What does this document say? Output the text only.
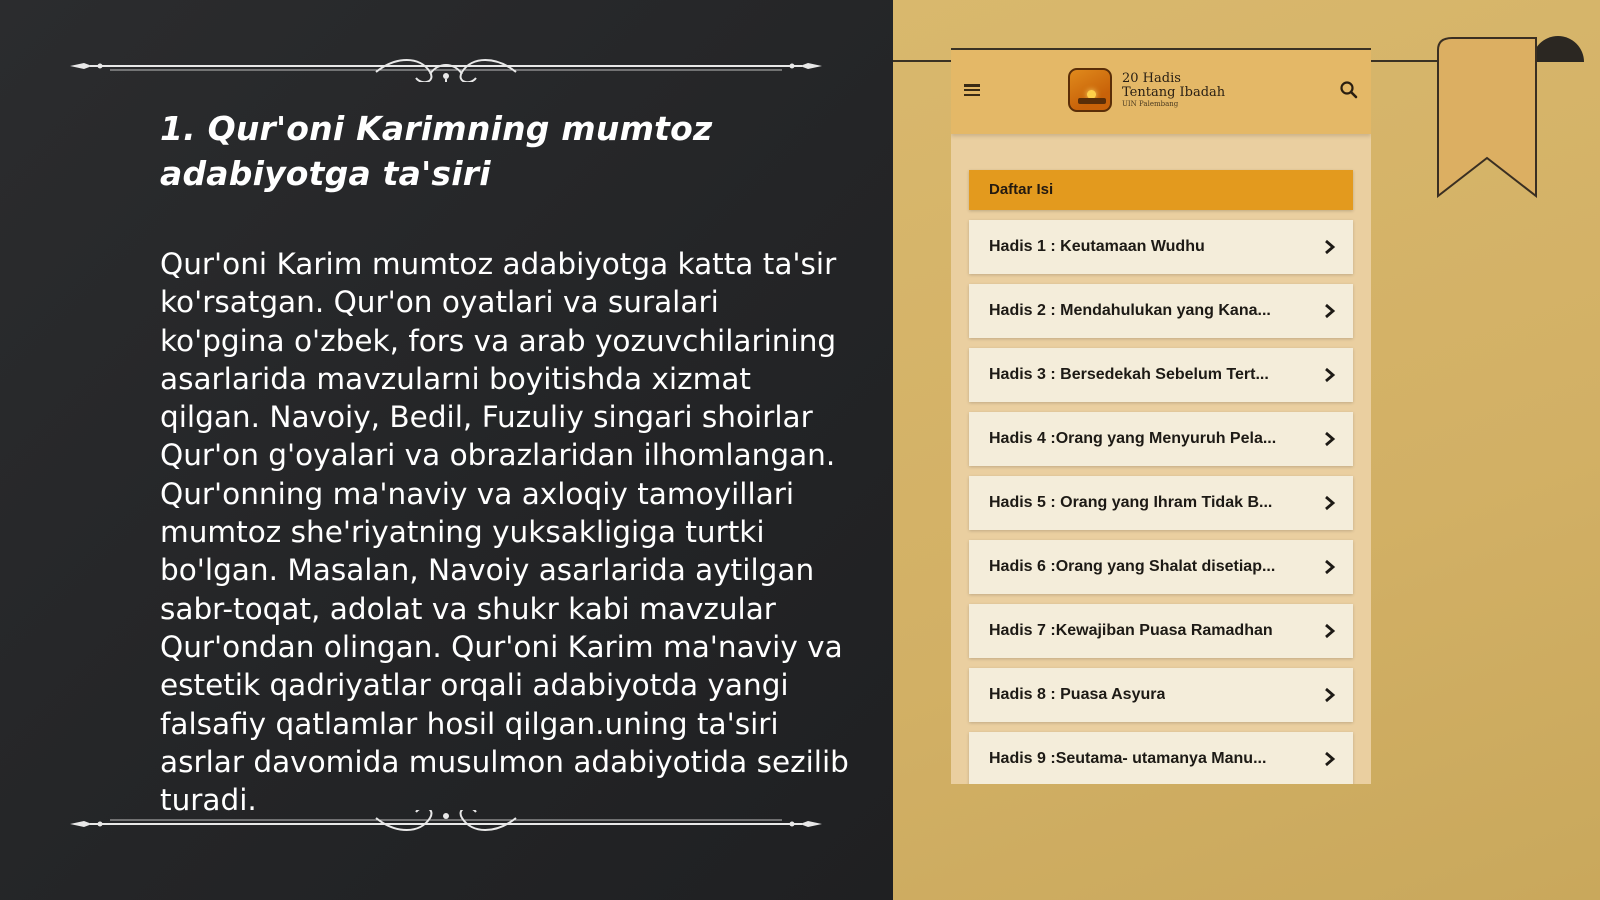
1. Qur'oni Karimning mumtoz adabiyotga ta'siri
Qur'oni Karim mumtoz adabiyotga katta ta'sir ko'rsatgan. Qur'on oyatlari va suralari ko'pgina o'zbek, fors va arab yozuvchilarining asarlarida mavzularni boyitishda xizmat qilgan. Navoiy, Bedil, Fuzuliy singari shoirlar Qur'on g'oyalari va obrazlaridan ilhomlangan. Qur'onning ma'naviy va axloqiy tamoyillari mumtoz she'riyatning yuksakligiga turtki bo'lgan. Masalan, Navoiy asarlarida aytilgan sabr-toqat, adolat va shukr kabi mavzular Qur'ondan olingan. Qur'oni Karim ma'naviy va estetik qadriyatlar orqali adabiyotda yangi falsafiy qatlamlar hosil qilgan.uning ta'siri asrlar davomida musulmon adabiyotida sezilib turadi.
20 Hadis
Tentang Ibadah
UIN Palembang
Daftar Isi
Hadis 1 : Keutamaan Wudhu
Hadis 2 : Mendahulukan yang Kana...
Hadis 3 : Bersedekah Sebelum Tert...
Hadis 4 :Orang yang Menyuruh Pela...
Hadis 5 : Orang yang Ihram Tidak B...
Hadis 6 :Orang yang Shalat disetiap...
Hadis 7 :Kewajiban Puasa Ramadhan
Hadis 8 : Puasa Asyura
Hadis 9 :Seutama- utamanya Manu...
